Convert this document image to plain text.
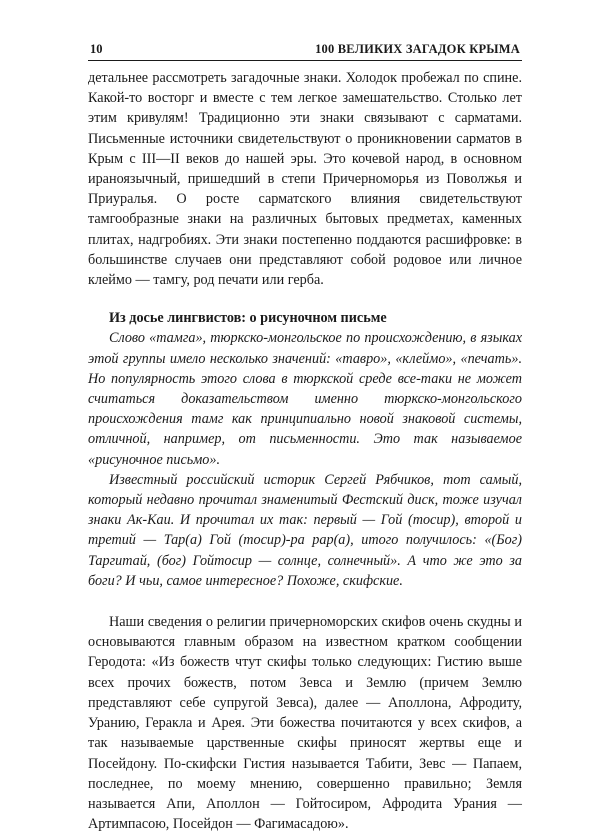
10	100 ВЕЛИКИХ ЗАГАДОК КРЫМА

детальнее рассмотреть загадочные знаки. Холодок пробежал по спине. Какой-то восторг и вместе с тем легкое замешательство. Столько лет этим кривулям! Традиционно эти знаки связывают с сарматами. Письменные источники свидетельствуют о проникновении сарматов в Крым с III—II веков до нашей эры. Это кочевой народ, в основном ираноязычный, пришедший в степи Причерноморья из Поволжья и Приуралья. О росте сарматского влияния свидетельствуют тамгообразные знаки на различных бытовых предметах, каменных плитах, надгробиях. Эти знаки постепенно поддаются расшифровке: в большинстве случаев они представляют собой родовое или личное клеймо — тамгу, род печати или герба.

Из досье лингвистов: о рисуночном письме

Слово «тамга», тюркско-монгольское по происхождению, в языках этой группы имело несколько значений: «тавро», «клеймо», «печать». Но популярность этого слова в тюркской среде все-таки не может считаться доказательством именно тюркско-монгольского происхождения тамг как принципиально новой знаковой системы, отличной, например, от письменности. Это так называемое «рисуночное письмо».

Известный российский историк Сергей Рябчиков, тот самый, который недавно прочитал знаменитый Фестский диск, тоже изучал знаки Ак-Каи. И прочитал их так: первый — Гой (тосир), второй и третий — Тар(а) Гой (тосир)-ра рар(а), итого получилось: «(Бог) Таргитай, (бог) Гойтосир — солнце, солнечный». А что же это за боги? И чьи, самое интересное? Похоже, скифские.

Наши сведения о религии причерноморских скифов очень скудны и основываются главным образом на известном кратком сообщении Геродота: «Из божеств чтут скифы только следующих: Гистию выше всех прочих божеств, потом Зевса и Землю (причем Землю представляют себе супругой Зевса), далее — Аполлона, Афродиту, Уранию, Геракла и Арея. Эти божества почитаются у всех скифов, а так называемые царственные скифы приносят жертвы еще и Посейдону. По-скифски Гистия называется Табити, Зевс — Папаем, последнее, по моему мнению, совершенно правильно; Земля называется Апи, Аполлон — Гойтосиром, Афродита Урания — Артимпасою, Посейдон — Фагимасадою».
